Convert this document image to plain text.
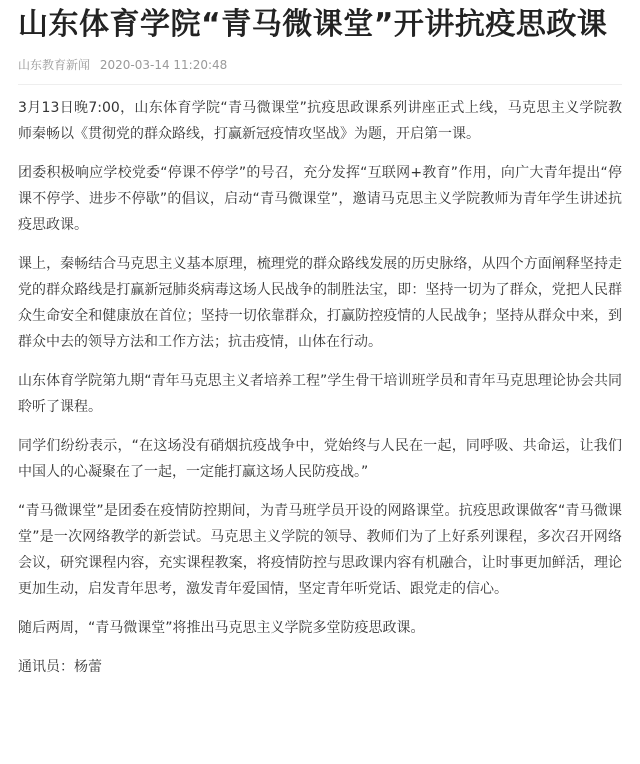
山东体育学院“青马微课堂”开讲抗疫思政课
山东教育新闻 2020-03-14 11:20:48

3月13日晚7:00，山东体育学院“青马微课堂”抗疫思政课系列讲座正式上线，马克思主义学院教师秦畅以《贯彻党的群众路线，打赢新冠疫情攻坚战》为题，开启第一课。

团委积极响应学校党委“停课不停学”的号召，充分发挥“互联网+教育”作用，向广大青年提出“停课不停学、进步不停歇”的倡议，启动“青马微课堂”，邀请马克思主义学院教师为青年学生讲述抗疫思政课。

课上，秦畅结合马克思主义基本原理，梳理党的群众路线发展的历史脉络，从四个方面阐释坚持走党的群众路线是打赢新冠肺炎病毒这场人民战争的制胜法宝，即：坚持一切为了群众，党把人民群众生命安全和健康放在首位；坚持一切依靠群众，打赢防控疫情的人民战争；坚持从群众中来，到群众中去的领导方法和工作方法；抗击疫情，山体在行动。

山东体育学院第九期“青年马克思主义者培养工程”学生骨干培训班学员和青年马克思理论协会共同聆听了课程。

同学们纷纷表示，“在这场没有硝烟抗疫战争中，党始终与人民在一起，同呼吸、共命运，让我们中国人的心凝聚在了一起，一定能打赢这场人民防疫战。”

“青马微课堂”是团委在疫情防控期间，为青马班学员开设的网路课堂。抗疫思政课做客“青马微课堂”是一次网络教学的新尝试。马克思主义学院的领导、教师们为了上好系列课程，多次召开网络会议，研究课程内容，充实课程教案，将疫情防控与思政课内容有机融合，让时事更加鲜活，理论更加生动，启发青年思考，激发青年爱国情，坚定青年听党话、跟党走的信心。

随后两周，“青马微课堂”将推出马克思主义学院多堂防疫思政课。

通讯员：杨蕾
